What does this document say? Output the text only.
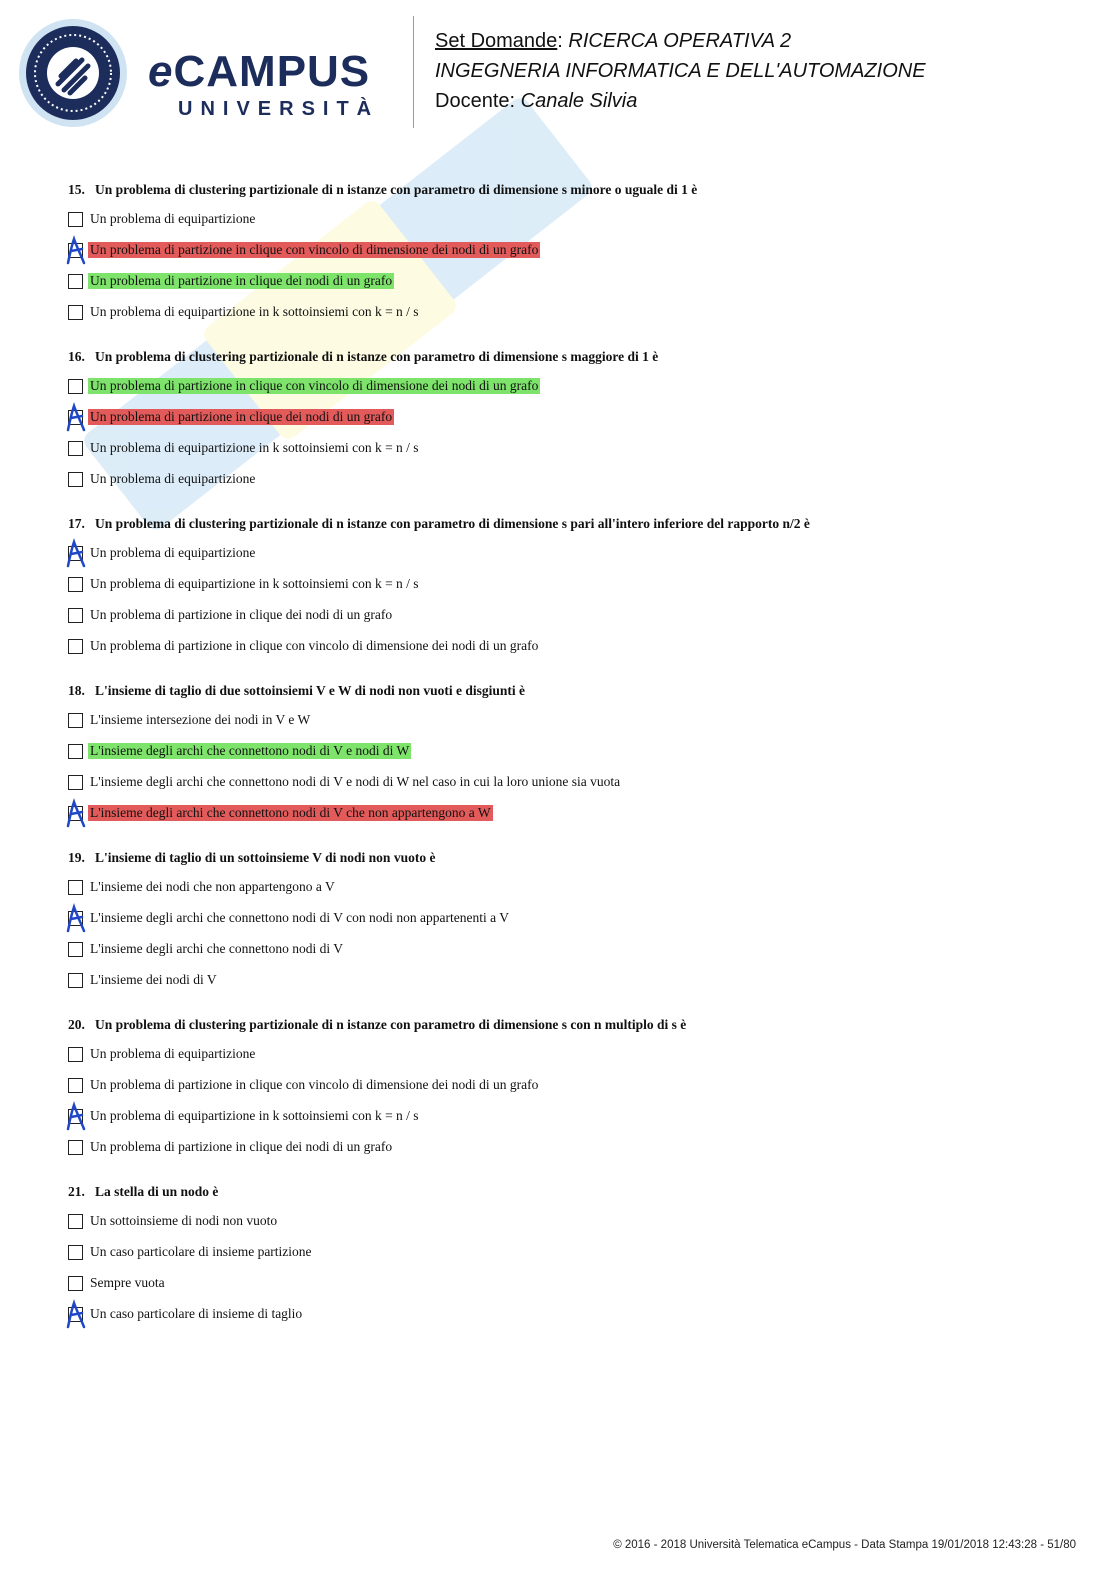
eCAMPUS
UNIVERSITÀ
Set Domande: RICERCA OPERATIVA 2
INGEGNERIA INFORMATICA E DELL'AUTOMAZIONE
Docente: Canale Silvia
15. Un problema di clustering partizionale di n istanze con parametro di dimensione s minore o uguale di 1 è
Un problema di equipartizione
Un problema di partizione in clique con vincolo di dimensione dei nodi di un grafo
Un problema di partizione in clique dei nodi di un grafo
Un problema di equipartizione in k sottoinsiemi con k = n / s
16. Un problema di clustering partizionale di n istanze con parametro di dimensione s maggiore di 1 è
Un problema di partizione in clique con vincolo di dimensione dei nodi di un grafo
Un problema di partizione in clique dei nodi di un grafo
Un problema di equipartizione in k sottoinsiemi con k = n / s
Un problema di equipartizione
17. Un problema di clustering partizionale di n istanze con parametro di dimensione s pari all'intero inferiore del rapporto n/2 è
Un problema di equipartizione
Un problema di equipartizione in k sottoinsiemi con k = n / s
Un problema di partizione in clique dei nodi di un grafo
Un problema di partizione in clique con vincolo di dimensione dei nodi di un grafo
18. L'insieme di taglio di due sottoinsiemi V e W di nodi non vuoti e disgiunti è
L'insieme intersezione dei nodi in V e W
L'insieme degli archi che connettono nodi di V e nodi di W
L'insieme degli archi che connettono nodi di V e nodi di W nel caso in cui la loro unione sia vuota
L'insieme degli archi che connettono nodi di V che non appartengono a W
19. L'insieme di taglio di un sottoinsieme V di nodi non vuoto è
L'insieme dei nodi che non appartengono a V
L'insieme degli archi che connettono nodi di V con nodi non appartenenti a V
L'insieme degli archi che connettono nodi di V
L'insieme dei nodi di V
20. Un problema di clustering partizionale di n istanze con parametro di dimensione s con n multiplo di s è
Un problema di equipartizione
Un problema di partizione in clique con vincolo di dimensione dei nodi di un grafo
Un problema di equipartizione in k sottoinsiemi con k = n / s
Un problema di partizione in clique dei nodi di un grafo
21. La stella di un nodo è
Un sottoinsieme di nodi non vuoto
Un caso particolare di insieme partizione
Sempre vuota
Un caso particolare di insieme di taglio
© 2016 - 2018 Università Telematica eCampus - Data Stampa 19/01/2018 12:43:28 - 51/80
